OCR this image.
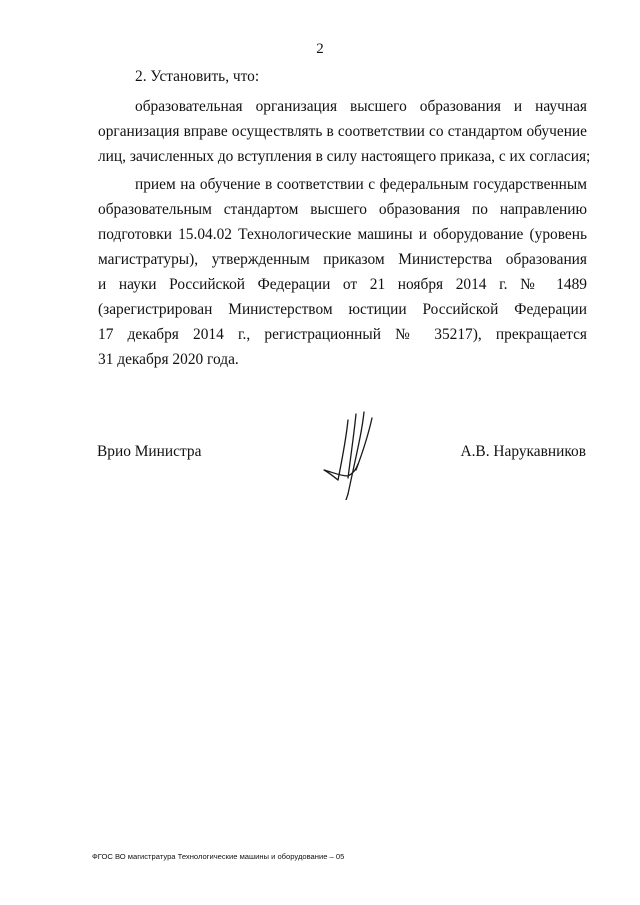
2
2. Установить, что:
образовательная организация высшего образования и научная
организация вправе осуществлять в соответствии со стандартом обучение
лиц, зачисленных до вступления в силу настоящего приказа, с их согласия;
прием на обучение в соответствии с федеральным государственным
образовательным стандартом высшего образования по направлению
подготовки 15.04.02 Технологические машины и оборудование (уровень
магистратуры), утвержденным приказом Министерства образования
и науки Российской Федерации от 21 ноября 2014 г. № 1489
(зарегистрирован Министерством юстиции Российской Федерации
17 декабря 2014 г., регистрационный № 35217), прекращается
31 декабря 2020 года.
Врио Министра	А.В. Нарукавников
ФГОС ВО магистратура Технологические машины и оборудование – 05
